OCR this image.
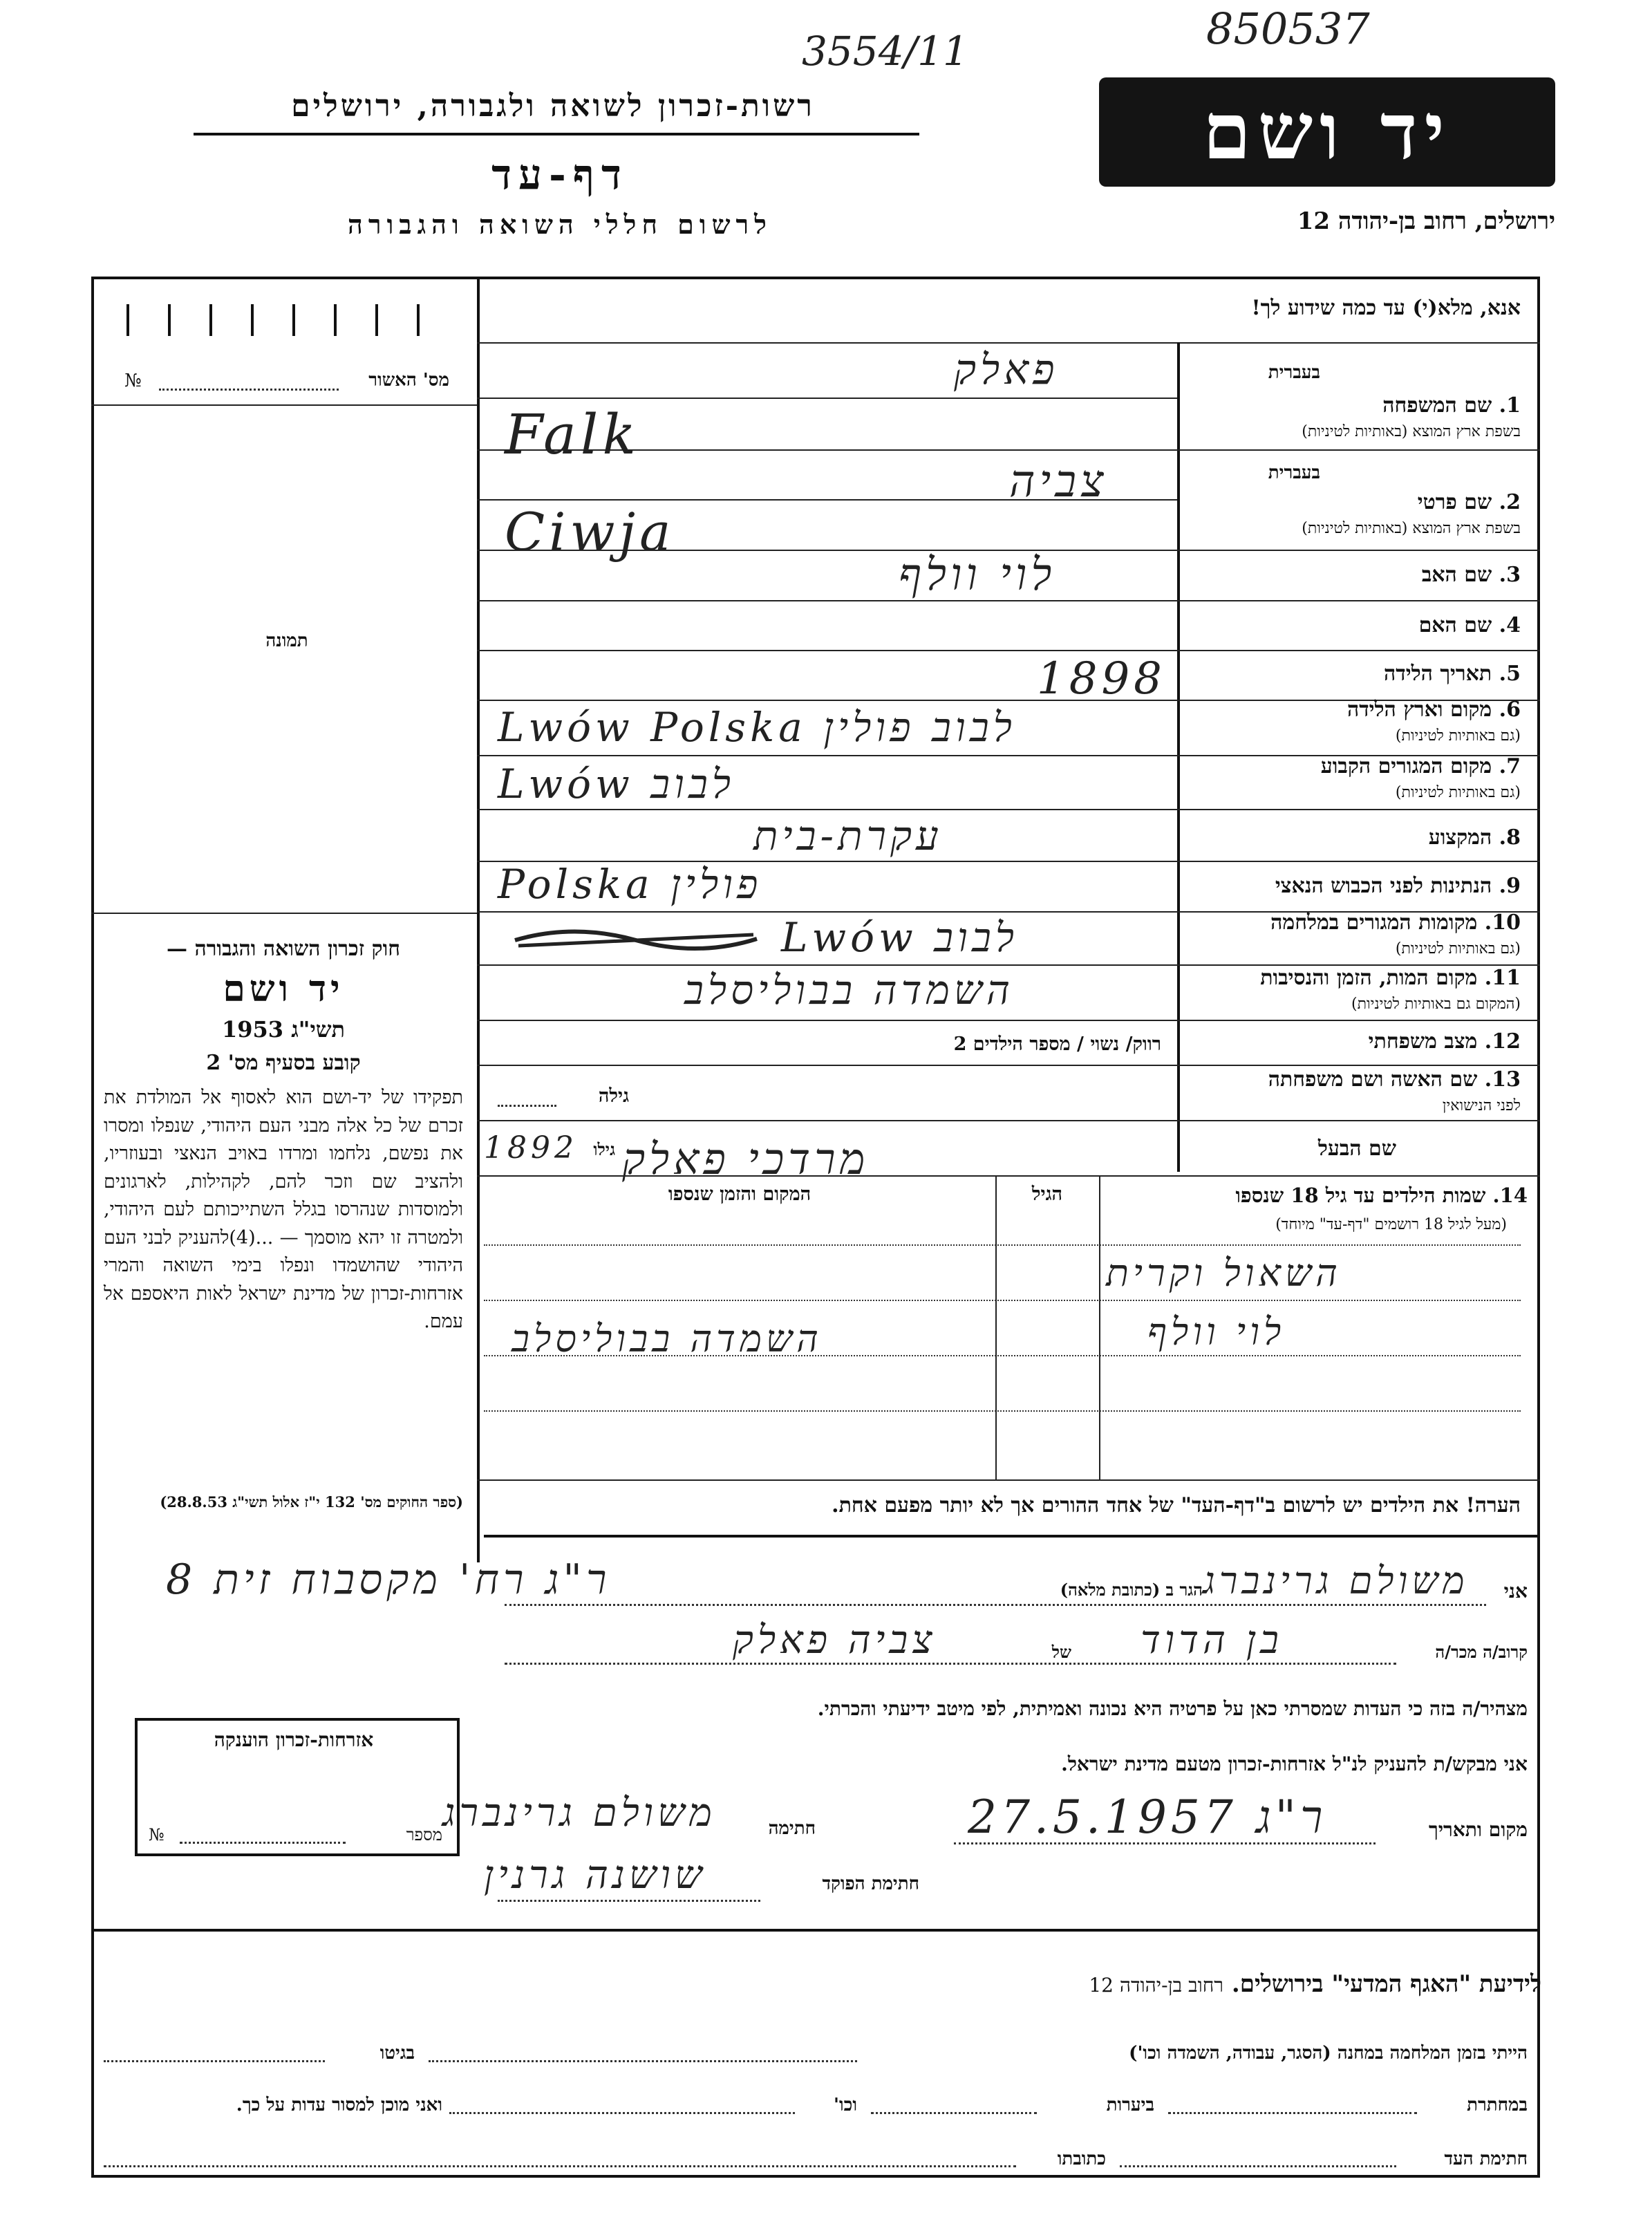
3554/11	850537
רשות-זכרון לשואה ולגבורה, ירושלים
דף-עד
לרשום חללי השואה והגבורה
יד ושם
ירושלים, רחוב בן-יהודה 12
מס' האשור
№
תמונה
חוק זכרון השואה והגבורה —
יד ושם
תשי"ג 1953
קובע בסעיף מס' 2
תפקידו של יד-ושם הוא לאסוף אל המולדת את זכרם של כל אלה מבני העם היהודי, שנפלו ומסרו את נפשם, נלחמו ומרדו באויב הנאצי ובעוזריו, ולהציב שם וזכר להם, לקהילות, לארגונים ולמוסדות שנהרסו בגלל השתייכותם לעם היהודי, ולמטרה זו יהא מוסמך — ...(4)להעניק לבני העם היהודי שהושמדו ונפלו בימי השואה והמרי אזרחות-זכרון של מדינת ישראל לאות היאספם אל עמם.
(ספר החוקים מס' 132 י"ז אלול תשי"ג 28.8.53)
אזרחות-זכרון הוענקה
מספר
№
אנא, מלא(י) עד כמה שידוע לך!
בעברית
1. שם המשפחה
בשפת ארץ המוצא (באותיות לטיניות)
בעברית
2. שם פרטי
בשפת ארץ המוצא (באותיות לטיניות)
3. שם האב
4. שם האם
5. תאריך הלידה
6. מקום וארץ הלידה
(גם באותיות לטיניות)
7. מקום המגורים הקבוע
(גם באותיות לטיניות)
8. המקצוע
9. הנתינות לפני הכבוש הנאצי
10. מקומות המגורים במלחמה
(גם באותיות לטיניות)
11. מקום המות, הזמן והנסיבות
(המקום גם באותיות לטיניות)
12. מצב משפחתי
13. שם האשה ושם משפחתה
לפני הנישואין
שם הבעל
פאלק
Falk
צביה
Ciwja
לוי וולף
1898
Lwów Polska לבוב פולין
Lwów לבוב
עקרת-בית
Polska פולין
Lwów לבוב
השמדה בבוליסלב
רווק/ נשוי / מספר הילדים 2
גילה
גילו
1892 מרדכי פאלק
14. שמות הילדים עד גיל 18 שנספו
(מעל לגיל 18 רושמים "דף-עד" מיוחד)
הגיל
המקום והזמן שנספו
השאול וקרית
לוי וולף
השמדה בבוליסלב
הערה! את הילדים יש לרשום ב"דף-העד" של אחד ההורים אך לא יותר מפעם אחת.
אני
משולם גרינברג
הגר ב (כתובת מלאה)
ר"ג רח' מקסבוח זית 8
קרוב/ה מכר/ה
בן הדוד
של
צביה פאלק
מצהיר/ה בזה כי העדות שמסרתי כאן על פרטיה היא נכונה ואמיתית, לפי מיטב ידיעתי והכרתי.
אני מבקש/ת להעניק לנ"ל אזרחות-זכרון מטעם מדינת ישראל.
מקום ותאריך
ר"ג 27.5.1957
חתימה
משולם גרינברג
חתימת הפוקד
שושנה גרנין
לידיעת "האגף המדעי" בירושלים. רחוב בן-יהודה 12
הייתי בזמן המלחמה במחנה (הסגר, עבודה, השמדה וכו')
בגיטו
במחתרת
ביערות
וכו'
ואני מוכן למסור עדות על כך.
חתימת העד
כתובתו
